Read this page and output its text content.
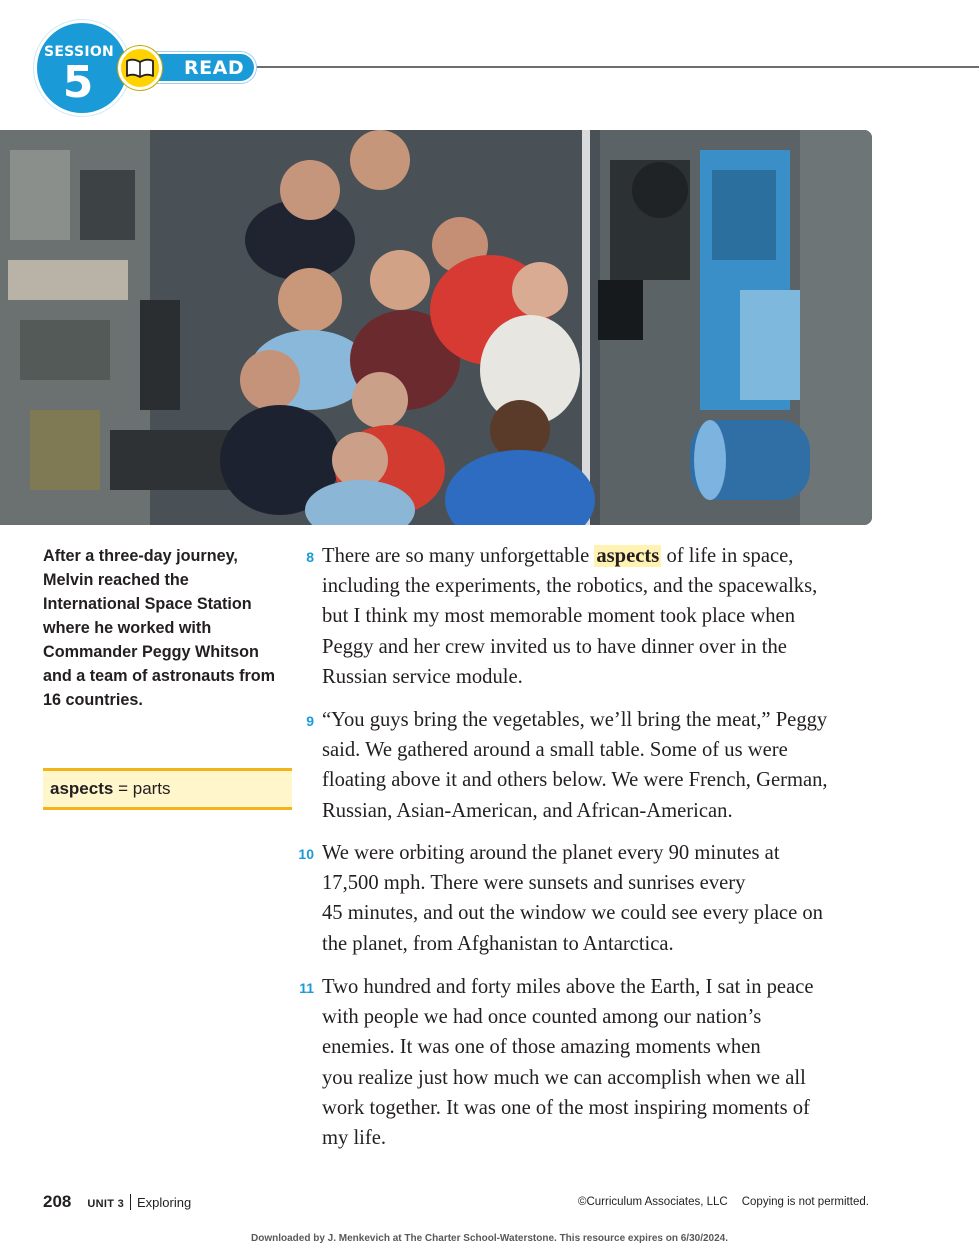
SESSION
5	READ
After a three-day journey, Melvin reached the International Space Station where he worked with Commander Peggy Whitson and a team of astronauts from 16 countries.
aspects = parts
8 There are so many unforgettable aspects of life in space,
including the experiments, the robotics, and the spacewalks,
but I think my most memorable moment took place when
Peggy and her crew invited us to have dinner over in the
Russian service module.
9 “You guys bring the vegetables, we’ll bring the meat,” Peggy
said. We gathered around a small table. Some of us were
floating above it and others below. We were French, German,
Russian, Asian-American, and African-American.
10 We were orbiting around the planet every 90 minutes at
17,500 mph. There were sunsets and sunrises every
45 minutes, and out the window we could see every place on
the planet, from Afghanistan to Antarctica.
11 Two hundred and forty miles above the Earth, I sat in peace
with people we had once counted among our nation’s
enemies. It was one of those amazing moments when
you realize just how much we can accomplish when we all
work together. It was one of the most inspiring moments of
my life.
208 UNIT 3 Exploring	©Curriculum Associates, LLC Copying is not permitted.
Downloaded by J. Menkevich at The Charter School-Waterstone. This resource expires on 6/30/2024.
